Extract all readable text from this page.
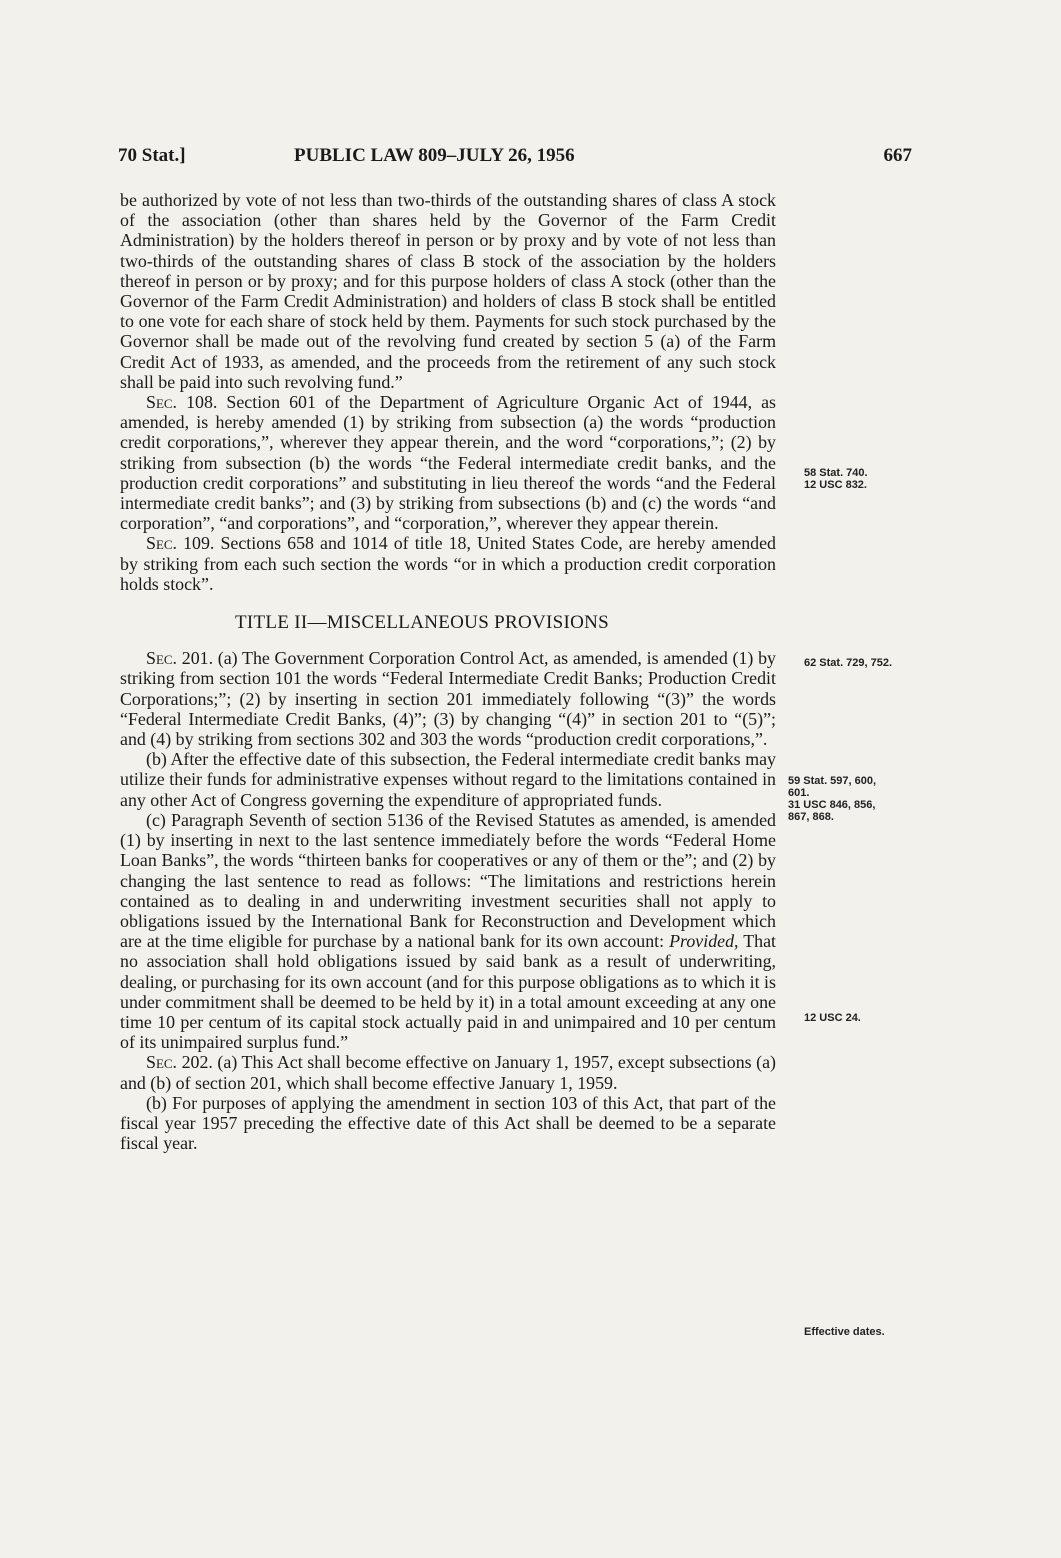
70 Stat.]	PUBLIC LAW 809–JULY 26, 1956	667

be authorized by vote of not less than two-thirds of the outstanding shares of class A stock of the association (other than shares held by the Governor of the Farm Credit Administration) by the holders thereof in person or by proxy and by vote of not less than two-thirds of the outstanding shares of class B stock of the association by the holders thereof in person or by proxy; and for this purpose holders of class A stock (other than the Governor of the Farm Credit Administration) and holders of class B stock shall be entitled to one vote for each share of stock held by them. Payments for such stock purchased by the Governor shall be made out of the revolving fund created by section 5 (a) of the Farm Credit Act of 1933, as amended, and the proceeds from the retirement of any such stock shall be paid into such revolving fund.”

Sec. 108. Section 601 of the Department of Agriculture Organic Act of 1944, as amended, is hereby amended (1) by striking from subsection (a) the words “production credit corporations,”, wherever they appear therein, and the word “corporations,”; (2) by striking from subsection (b) the words “the Federal intermediate credit banks, and the production credit corporations” and substituting in lieu thereof the words “and the Federal intermediate credit banks”; and (3) by striking from subsections (b) and (c) the words “and corporation”, “and corporations”, and “corporation,”, wherever they appear therein.

Sec. 109. Sections 658 and 1014 of title 18, United States Code, are hereby amended by striking from each such section the words “or in which a production credit corporation holds stock”.

TITLE II—MISCELLANEOUS PROVISIONS

Sec. 201. (a) The Government Corporation Control Act, as amended, is amended (1) by striking from section 101 the words “Federal Intermediate Credit Banks; Production Credit Corporations;”; (2) by inserting in section 201 immediately following “(3)” the words “Federal Intermediate Credit Banks, (4)”; (3) by changing “(4)” in section 201 to “(5)”; and (4) by striking from sections 302 and 303 the words “production credit corporations,”.

(b) After the effective date of this subsection, the Federal intermediate credit banks may utilize their funds for administrative expenses without regard to the limitations contained in any other Act of Congress governing the expenditure of appropriated funds.

(c) Paragraph Seventh of section 5136 of the Revised Statutes as amended, is amended (1) by inserting in next to the last sentence immediately before the words “Federal Home Loan Banks”, the words “thirteen banks for cooperatives or any of them or the”; and (2) by changing the last sentence to read as follows: “The limitations and restrictions herein contained as to dealing in and underwriting investment securities shall not apply to obligations issued by the International Bank for Reconstruction and Development which are at the time eligible for purchase by a national bank for its own account: Provided, That no association shall hold obligations issued by said bank as a result of underwriting, dealing, or purchasing for its own account (and for this purpose obligations as to which it is under commitment shall be deemed to be held by it) in a total amount exceeding at any one time 10 per centum of its capital stock actually paid in and unimpaired and 10 per centum of its unimpaired surplus fund.”

Sec. 202. (a) This Act shall become effective on January 1, 1957, except subsections (a) and (b) of section 201, which shall become effective January 1, 1959.

(b) For purposes of applying the amendment in section 103 of this Act, that part of the fiscal year 1957 preceding the effective date of this Act shall be deemed to be a separate fiscal year.

58 Stat. 740.
12 USC 832.
62 Stat. 729, 752.
59 Stat. 597, 600,
601.
31 USC 846, 856,
867, 868.
12 USC 24.
Effective dates.
